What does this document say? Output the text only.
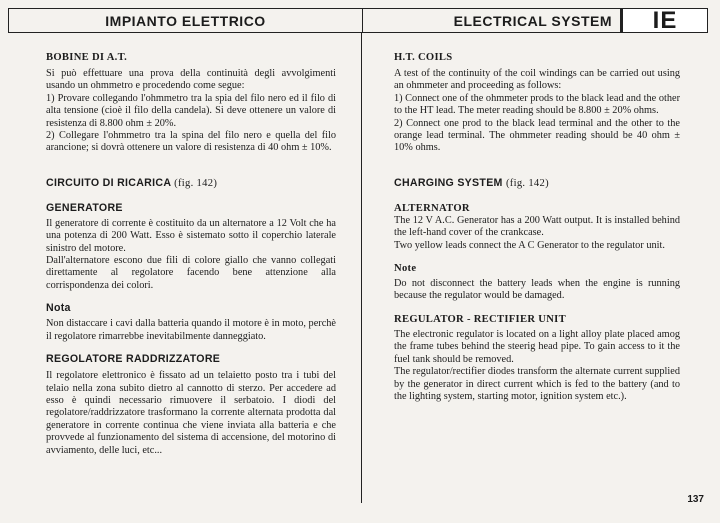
IMPIANTO ELETTRICO	ELECTRICAL SYSTEM	IE
BOBINE DI A.T.

Si può effettuare una prova della continuità degli avvolgimenti usando un ohmmetro e procedendo come segue:

1) Provare collegando l'ohmmetro tra la spia del filo nero ed il filo di alta tensione (cioè il filo della candela). Si deve ottenere un valore di resistenza di 8.800 ohm ± 20%.

2) Collegare l'ohmmetro tra la spina del filo nero e quella del filo arancione; si dovrà ottenere un valore di resistenza di 40 ohm ± 10%.

CIRCUITO DI RICARICA (fig. 142)
GENERATORE

Il generatore di corrente è costituito da un alternatore a 12 Volt che ha una potenza di 200 Watt. Esso è sistemato sotto il coperchio laterale sinistro del motore.

Dall'alternatore escono due fili di colore giallo che vanno collegati direttamente al regolatore facendo bene attenzione alla corrispondenza dei colori.

Nota

Non distaccare i cavi dalla batteria quando il motore è in moto, perchè il regolatore rimarrebbe inevitabilmente danneggiato.

REGOLATORE RADDRIZZATORE

Il regolatore elettronico è fissato ad un telaietto posto tra i tubi del telaio nella zona subito dietro al cannotto di sterzo. Per accedere ad esso è quindi necessario rimuovere il serbatoio. I diodi del regolatore/raddrizzatore trasformano la corrente alternata prodotta dal generatore in corrente continua che viene inviata alla batteria e che provvede al funzionamento del sistema di accensione, del motorino di avviamento, delle luci, etc...

H.T. COILS

A test of the continuity of the coil windings can be carried out using an ohmmeter and proceeding as follows:

1) Connect one of the ohmmeter prods to the black lead and the other to the HT lead. The meter reading should be 8.800 ± 20% ohms.

2) Connect one prod to the black lead terminal and the other to the orange lead terminal. The ohmmeter reading should be 40 ohm ± 10% ohms.

CHARGING SYSTEM (fig. 142)
ALTERNATOR

The 12 V A.C. Generator has a 200 Watt output. It is installed behind the left-hand cover of the crankcase.

Two yellow leads connect the A C Generator to the regulator unit.

Note

Do not disconnect the battery leads when the engine is running because the regulator would be damaged.

REGULATOR - RECTIFIER UNIT

The electronic regulator is located on a light alloy plate placed amog the frame tubes behind the steerig head pipe. To gain access to it the fuel tank should be removed.

The regulator/rectifier diodes transform the alternate current supplied by the generator in direct current which is fed to the battery (and to the lighting system, starting motor, ignition system etc.).

137
